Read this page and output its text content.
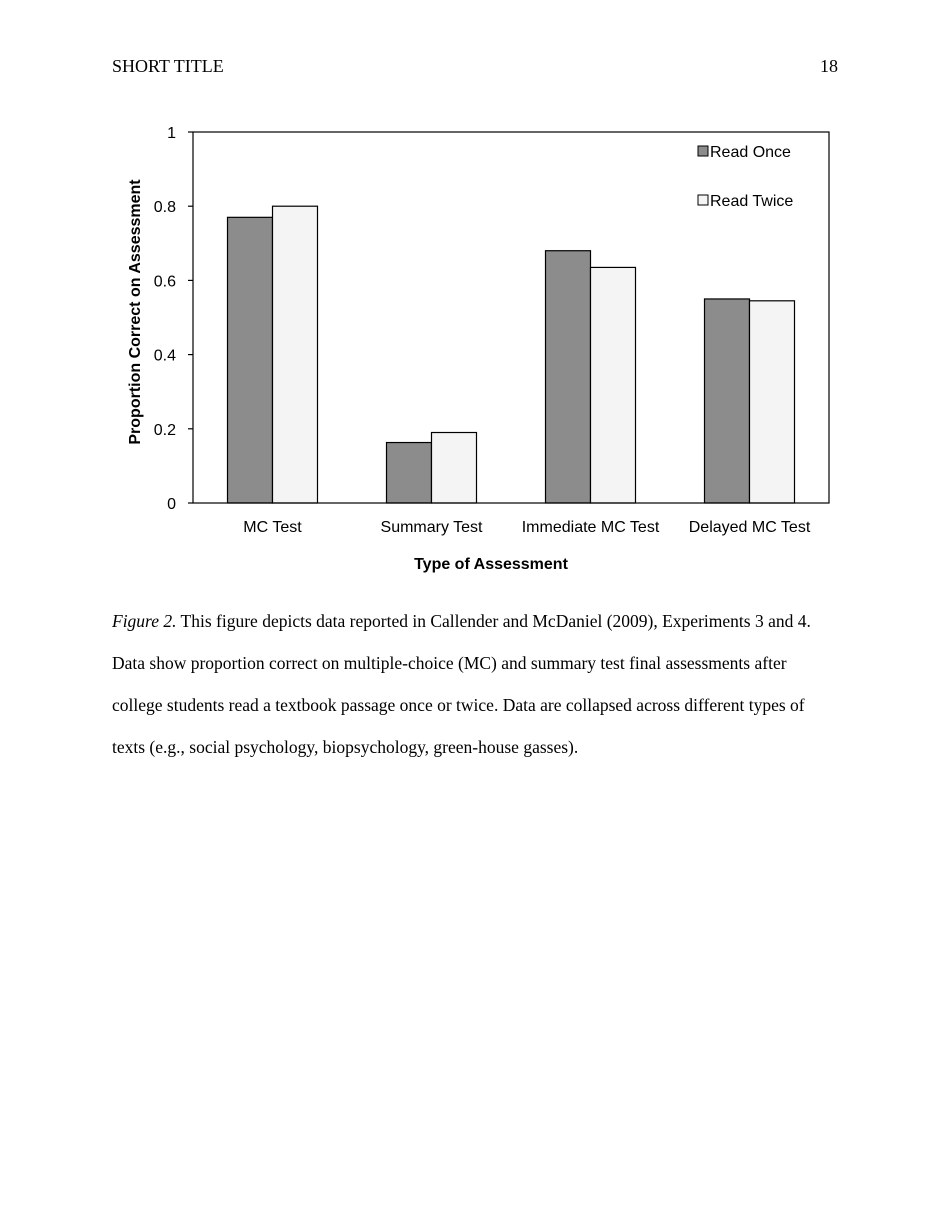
SHORT TITLE	18
0
0.2
0.4
0.6
0.8
1
MC Test	Summary Test Immediate MC Test Delayed MC Test
Proportion Correct on Assessment
Type of Assessment
Read Once
Read Twice
Figure 2. This figure depicts data reported in Callender and McDaniel (2009), Experiments 3 and 4. Data show proportion correct on multiple-choice (MC) and summary test final assessments after college students read a textbook passage once or twice. Data are collapsed across different types of texts (e.g., social psychology, biopsychology, green-house gasses).
